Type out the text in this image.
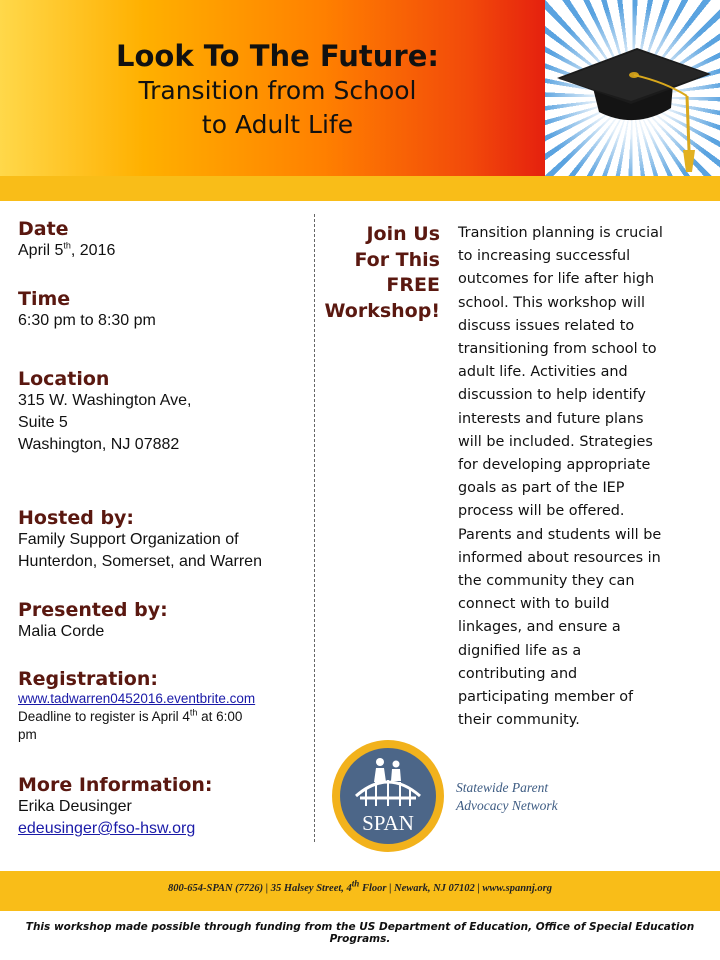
Look To The Future:
Transition from School
to Adult Life
Date
April 5th, 2016
Time
6:30 pm to 8:30 pm
Location
315 W. Washington Ave,
Suite 5
Washington, NJ 07882
Hosted by:
Family Support Organization of
Hunterdon, Somerset, and Warren
Presented by:
Malia Corde
Registration:
www.tadwarren0452016.eventbrite.com
Deadline to register is April 4th at 6:00
pm
More Information:
Erika Deusinger
edeusinger@fso-hsw.org
Join Us
For This
FREE
Workshop!
Transition planning is crucial
to increasing successful
outcomes for life after high
school. This workshop will
discuss issues related to
transitioning from school to
adult life. Activities and
discussion to help identify
interests and future plans
will be included. Strategies
for developing appropriate
goals as part of the IEP
process will be offered.
Parents and students will be
informed about resources in
the community they can
connect with to build
linkages, and ensure a
dignified life as a
contributing and
participating member of
their community.
SPAN
Statewide Parent
Advocacy Network
800-654-SPAN (7726) | 35 Halsey Street, 4th Floor | Newark, NJ 07102 | www.spannj.org
This workshop made possible through funding from the US Department of Education, Office of Special Education Programs.
